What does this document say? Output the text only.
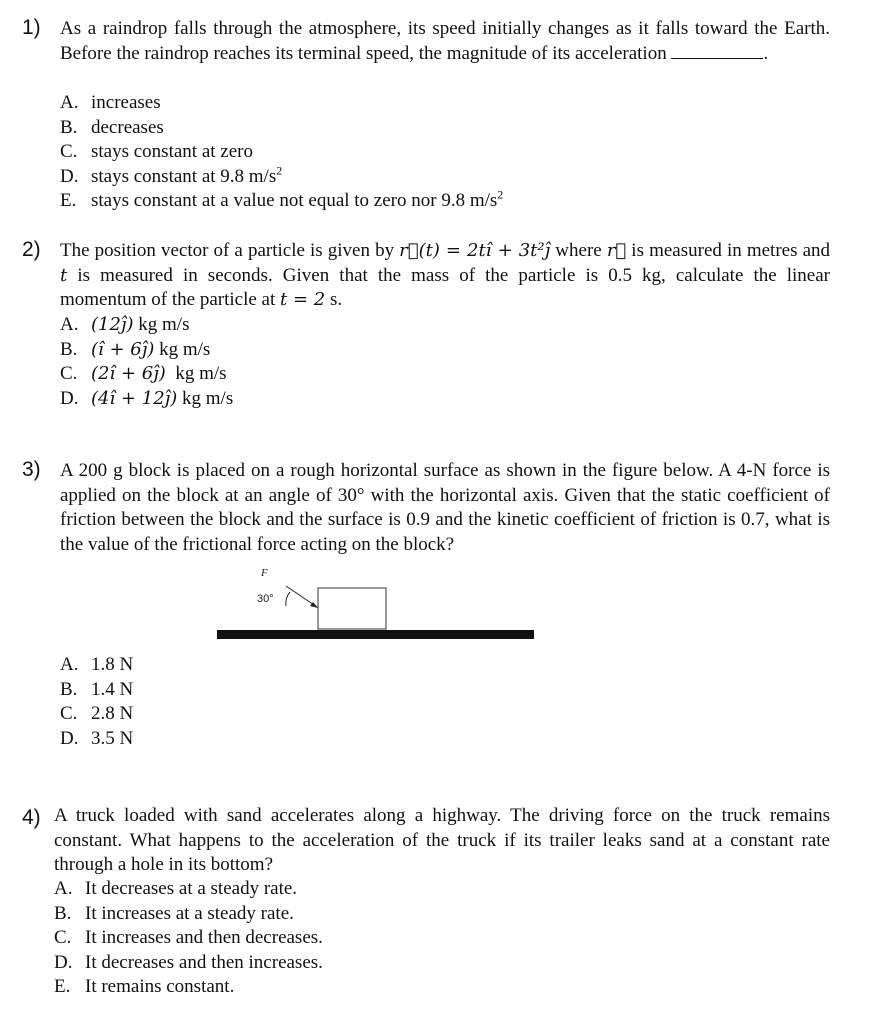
1) As a raindrop falls through the atmosphere, its speed initially changes as it falls toward the Earth. Before the raindrop reaches its terminal speed, the magnitude of its acceleration	.
A. increases
B. decreases
C. stays constant at zero
D. stays constant at 9.8 $m/s^2$
E. stays constant at a value not equal to zero nor 9.8 $m/s^2$
2) The position vector of a particle is given by r⃗(t) = 2tî + 3t²ĵ where r⃗ is measured in metres and t is measured in seconds. Given that the mass of the particle is 0.5 kg, calculate the linear momentum of the particle at t = 2 s.
A. (12ĵ) kg m/s
B. (î + 6ĵ) kg m/s
C. (2î + 6ĵ)  kg m/s
D. (4î + 12ĵ) kg m/s
3) A 200 g block is placed on a rough horizontal surface as shown in the figure below. A 4-N force is applied on the block at an angle of 30° with the horizontal axis. Given that the static coefficient of friction between the block and the surface is 0.9 and the kinetic coefficient of friction is 0.7, what is the value of the frictional force acting on the block?
F
30°
A. 1.8 N
B. 1.4 N
C. 2.8 N
D. 3.5 N
4) A truck loaded with sand accelerates along a highway. The driving force on the truck remains constant. What happens to the acceleration of the truck if its trailer leaks sand at a constant rate through a hole in its bottom?
A. It decreases at a steady rate.
B. It increases at a steady rate.
C. It increases and then decreases.
D. It decreases and then increases.
E. It remains constant.
